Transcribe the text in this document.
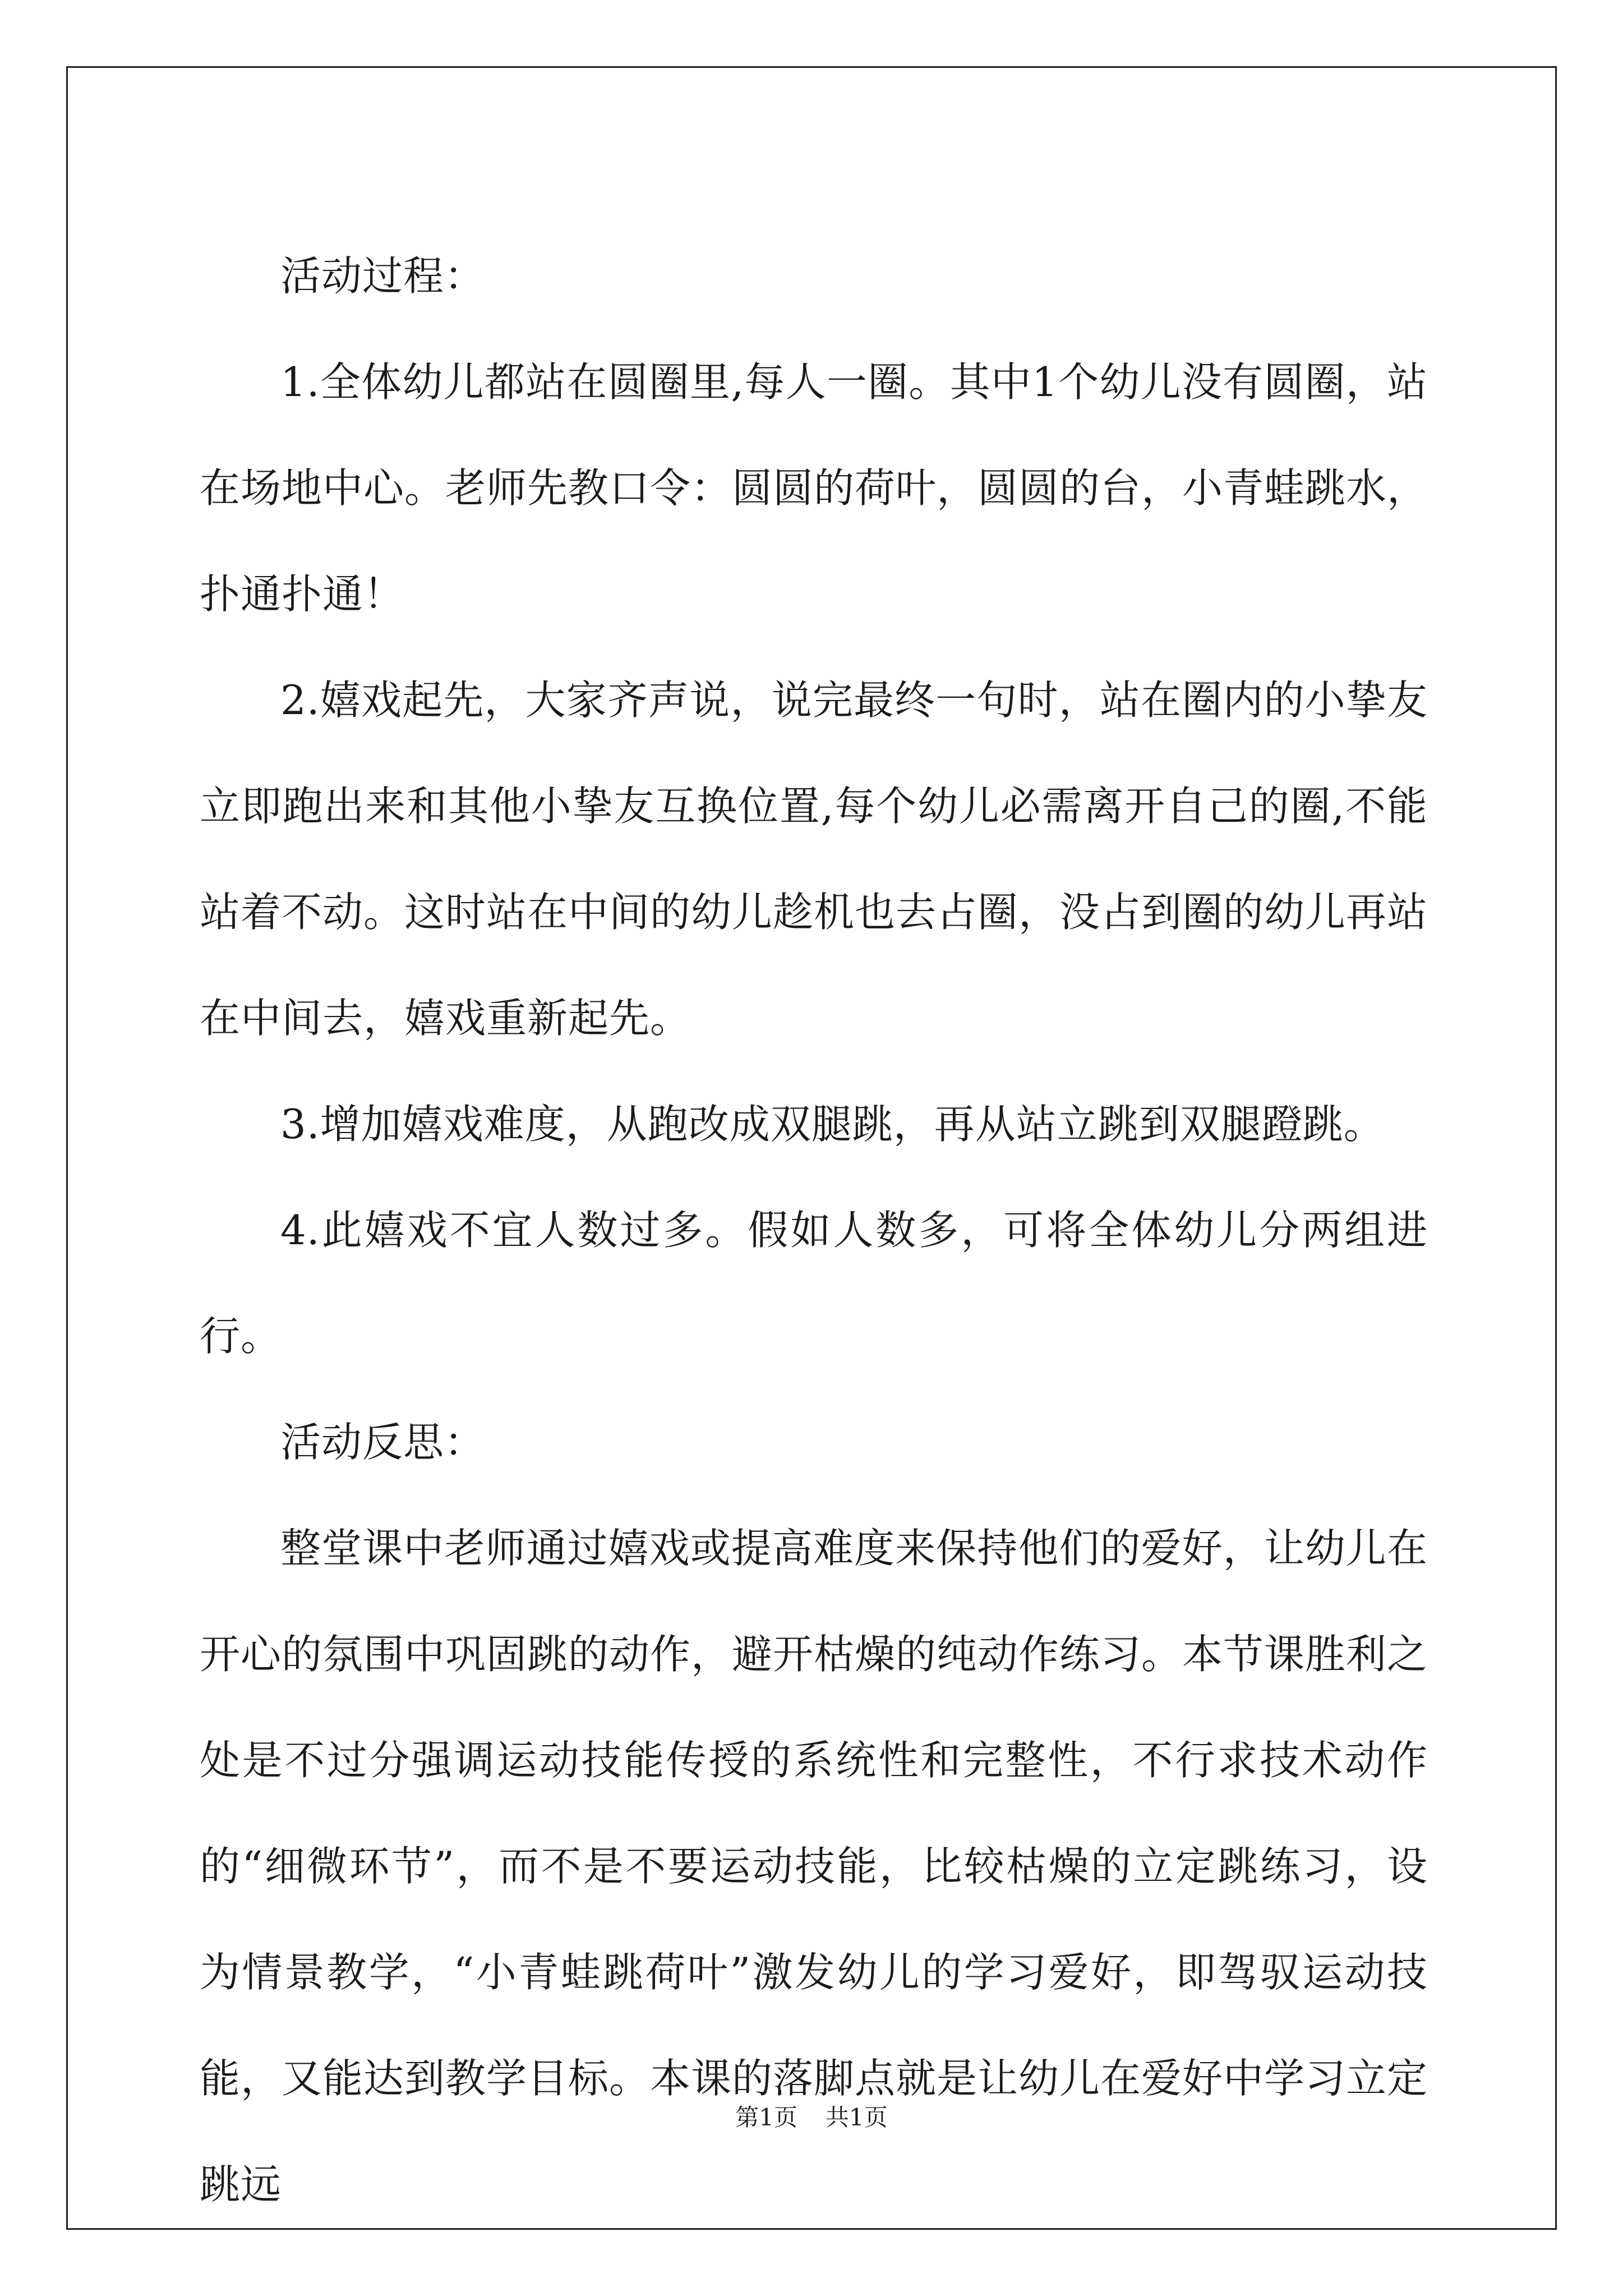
活动过程：

1.全体幼儿都站在圆圈里,每人一圈。其中1个幼儿没有圆圈，站在场地中心。老师先教口令：圆圆的荷叶，圆圆的台，小青蛙跳水，扑通扑通！

2.嬉戏起先，大家齐声说，说完最终一句时，站在圈内的小挚友立即跑出来和其他小挚友互换位置,每个幼儿必需离开自己的圈,不能站着不动。这时站在中间的幼儿趁机也去占圈，没占到圈的幼儿再站在中间去，嬉戏重新起先。

3.增加嬉戏难度，从跑改成双腿跳，再从站立跳到双腿蹬跳。

4.此嬉戏不宜人数过多。假如人数多，可将全体幼儿分两组进行。

活动反思：

整堂课中老师通过嬉戏或提高难度来保持他们的爱好，让幼儿在开心的氛围中巩固跳的动作，避开枯燥的纯动作练习。本节课胜利之处是不过分强调运动技能传授的系统性和完整性，不行求技术动作的“细微环节”，而不是不要运动技能，比较枯燥的立定跳练习，设为情景教学，“小青蛙跳荷叶”激发幼儿的学习爱好，即驾驭运动技能，又能达到教学目标。本课的落脚点就是让幼儿在爱好中学习立定跳远

第1页 共1页
